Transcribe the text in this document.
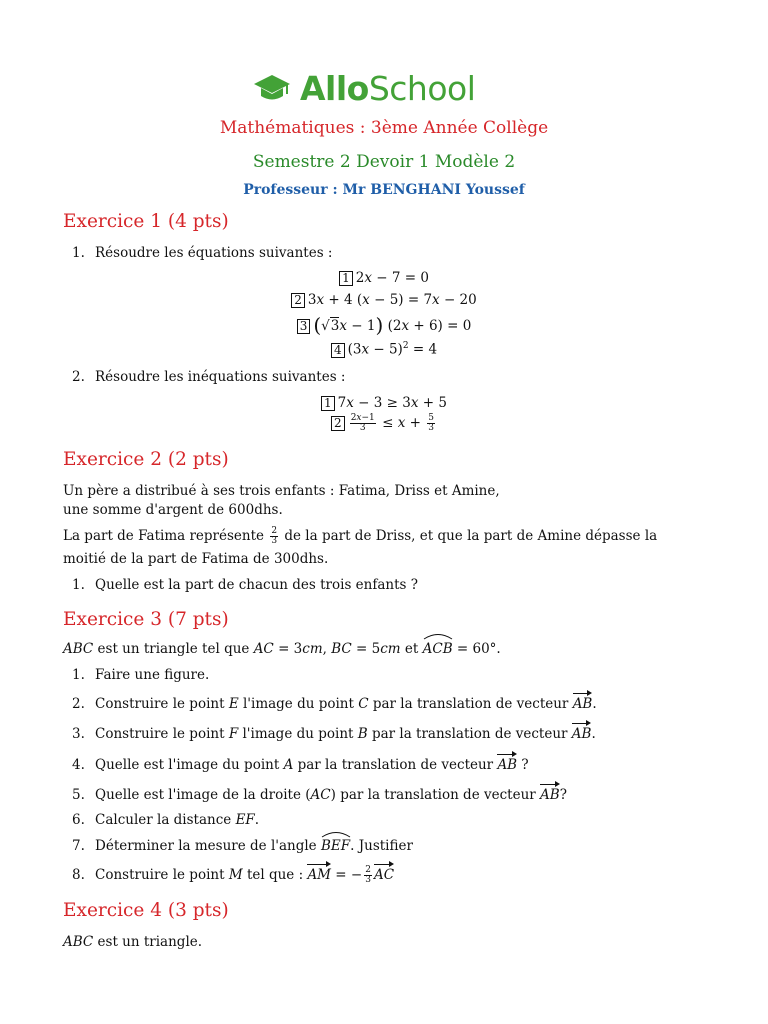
AlloSchool
Mathématiques : 3ème Année Collège
Semestre 2 Devoir 1 Modèle 2
Professeur : Mr BENGHANI Youssef
Exercice 1 (4 pts)
1. Résoudre les équations suivantes :
1 2x − 7 = 0
2 3x + 4 (x − 5) = 7x − 20
3 (√3x − 1) (2x + 6) = 0
4 $(3x - 5)^2 = 4$
2. Résoudre les inéquations suivantes :
1 7x − 3 ≥ 3x + 5
$2 \frac{2x-1}{3} \le x + \frac{5}{3}$
Exercice 2 (2 pts)
Un père a distribué à ses trois enfants : Fatima, Driss et Amine,
une somme d'argent de 600dhs.
La part de Fatima représente $\frac{2}{3}$ de la part de Driss, et que la part de Amine dépasse la
moitié de la part de Fatima de 300dhs.
1. Quelle est la part de chacun des trois enfants ?
Exercice 3 (7 pts)
ABC est un triangle tel que AC = 3cm, BC = 5cm et ACB
= 60°.
1. Faire une figure.
2. Construire le point E l'image du point C par la translation de vecteur AB.
3. Construire le point F l'image du point B par la translation de vecteur AB.
4. Quelle est l'image du point A par la translation de vecteur AB ?
5. Quelle est l'image de la droite (AC) par la translation de vecteur AB?
6. Calculer la distance EF.
7. Déterminer la mesure de l'angle BEF
. Justifier
8. Construire le point M tel que : AM = − $\frac{2}{3}$ AC
Exercice 4 (3 pts)
ABC est un triangle.
